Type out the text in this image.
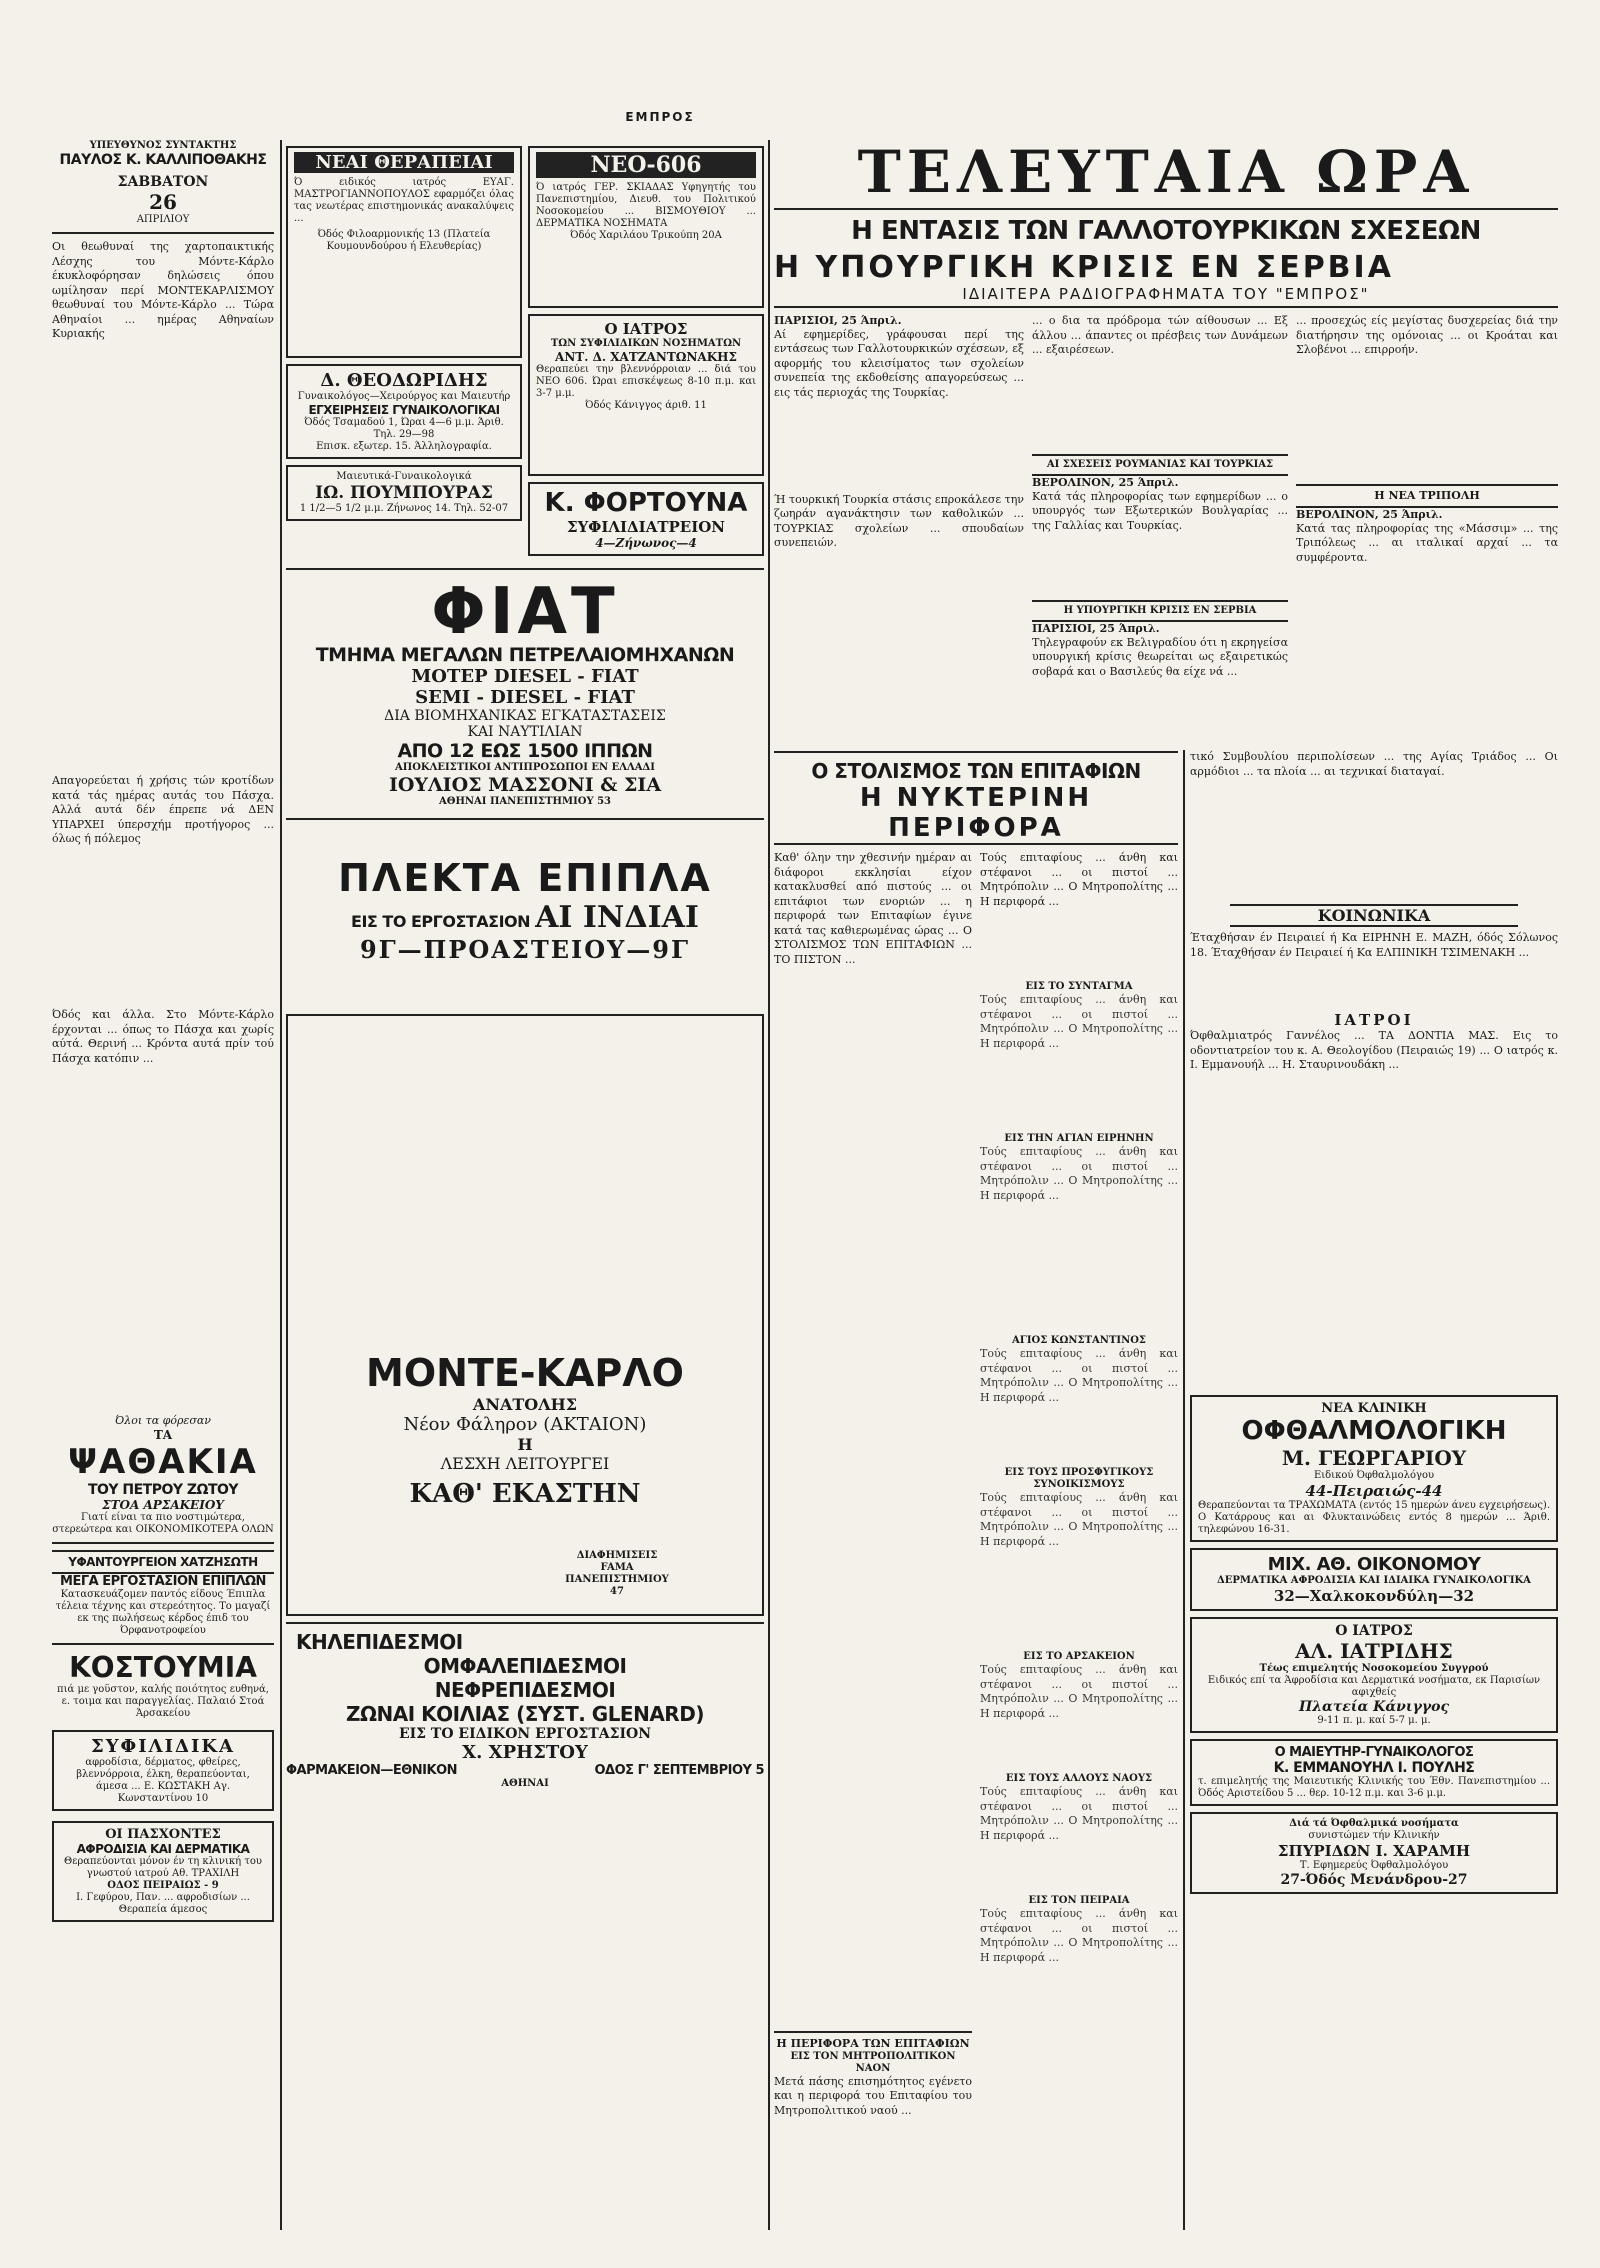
ΕΜΠΡΟΣ
ΥΠΕΥΘΥΝΟΣ ΣΥΝΤΑΚΤΗΣ
ΠΑΥΛΟΣ Κ. ΚΑΛΛΙΠΟΘΑΚΗΣ
ΣΑΒΒΑΤΟΝ
26
ΑΠΡΙΛΙΟΥ
Οι θεωθυναί της χαρτοπαικτικής Λέσχης του Μόντε-Κάρλο έκυκλοφόρησαν δηλώσεις όπου ωμίλησαν περί ΜΟΝΤΕΚΑΡΛΙΣΜΟΥ θεωθυναί του Μόντε-Κάρλο ... Τώρα Αθηναίοι ... ημέρας Αθηναίων Κυριακής
Απαγορεύεται ή χρήσις τών κροτίδων κατά τάς ημέρας αυτάς του Πάσχα. Αλλά αυτά δέν έπρεπε νά ΔΕΝ ΥΠΑΡΧΕΙ ύπερσχήμ προτήγορος ... όλως ή πόλεμος
Όδός και άλλα. Στο Μόντε-Κάρλο έρχονται ... όπως το Πάσχα και χωρίς αύτά. Θερινή ... Κρόντα αυτά πρίν τού Πάσχα κατόπιν ...
Όλοι τα φόρεσαν
ΤΑ
ΨΑΘΑΚΙΑ
ΤΟΥ ΠΕΤΡΟΥ ΖΩΤΟΥ
ΣΤΟΑ ΑΡΣΑΚΕΙΟΥ
Γιατί είναι τα πιο νοστιμώτερα, στερεώτερα και ΟΙΚΟΝΟΜΙΚΟΤΕΡΑ ΟΛΩΝ
ΥΦΑΝΤΟΥΡΓΕΙΟΝ ΧΑΤΖΗΣΩΤΗ
ΜΕΓΑ ΕΡΓΟΣΤΑΣΙΟΝ ΕΠΙΠΛΩΝ
Κατασκευάζομεν παντός είδους Έπιπλα τέλεια τέχνης και στερεότητος. Το μαγαζί εκ της πωλήσεως κέρδος έπιδ του Όρφανοτροφείου
ΚΟΣΤΟΥΜΙΑ
πιά με γοϋστον, καλής ποιότητος ευθηνά, ε. τοιμα και παραγγελίας. Παλαιό Στοά Άρσακείου
ΣΥΦΙΛΙΔΙΚΑ
αφροδίσια, δέρματος, φθείρες, βλεννόρροια, έλκη, θεραπεύονται, άμεσα ... Ε. ΚΩΣΤΑΚΗ Αγ. Κωνσταντίνου 10
ΟΙ ΠΑΣΧΟΝΤΕΣ
ΑΦΡΟΔΙΣΙΑ ΚΑΙ ΔΕΡΜΑΤΙΚΑ
Θεραπεύονται μόνον έν τη κλινική του γνωστού ιατρού Αθ. ΤΡΑΧΙΛΗ
ΟΔΟΣ ΠΕΙΡΑΙΩΣ - 9
Ι. Γεφύρου, Παν. ... αφροδισίων ... Θεραπεία άμεσος
ΝΕΑΙ ΘΕΡΑΠΕΙΑΙ
Ό ειδικός ιατρός ΕΥΑΓ. ΜΑΣΤΡΟΓΙΑΝΝΟΠΟΥΛΟΣ εφαρμόζει όλας τας νεωτέρας επιστημονικάς ανακαλύψεις ...
Όδός Φιλοαρμονικής 13 (Πλατεία Κουμουνδούρου ή Ελευθερίας)
Δ. ΘΕΟΔΩΡΙΔΗΣ
Γυναικολόγος—Χειρούργος και Μαιευτήρ
ΕΓΧΕΙΡΗΣΕΙΣ ΓΥΝΑΙΚΟΛΟΓΙΚΑΙ
Όδός Τσαμαδού 1, Ώραι 4—6 μ.μ. Άριθ. Τηλ. 29—98
Επισκ. εξωτερ. 15. Άλληλογραφία.
Μαιευτικά-Γυναικολογικά
ΙΩ. ΠΟΥΜΠΟΥΡΑΣ
1 1/2—5 1/2 μ.μ. Ζήνωνος 14. Τηλ. 52-07
ΝΕΟ-606
Ό ιατρός ΓΕΡ. ΣΚΙΑΔΑΣ Υφηγητής του Πανεπιστημίου, Διευθ. του Πολιτικού Νοσοκομείου ... ΒΙΣΜΟΥΘΙΟΥ ... ΔΕΡΜΑΤΙΚΑ ΝΟΣΗΜΑΤΑ
Όδός Χαριλάου Τρικούπη 20Α
Ο ΙΑΤΡΟΣ
ΤΩΝ ΣΥΦΙΛΙΔΙΚΩΝ ΝΟΣΗΜΑΤΩΝ
ΑΝΤ. Δ. ΧΑΤΖΑΝΤΩΝΑΚΗΣ
Θεραπεύει την βλεννόρροιαν ... διά του ΝΕΟ 606. Ώραι επισκέψεως 8-10 π.μ. και 3-7 μ.μ.
Όδός Κάνιγγος άριθ. 11
Κ. ΦΟΡΤΟΥΝΑ
ΣΥΦΙΛΙΔΙΑΤΡΕΙΟΝ
4—Ζήνωνος—4
ΦΙΑΤ
ΤΜΗΜΑ ΜΕΓΑΛΩΝ ΠΕΤΡΕΛΑΙΟΜΗΧΑΝΩΝ
ΜΟΤΕΡ DIESEL - FIAT
SEMI - DIESEL - FIAT
ΔΙΑ ΒΙΟΜΗΧΑΝΙΚΑΣ ΕΓΚΑΤΑΣΤΑΣΕΙΣ
ΚΑΙ ΝΑΥΤΙΛΙΑΝ
ΑΠΟ 12 ΕΩΣ 1500 ΙΠΠΩΝ
ΑΠΟΚΛΕΙΣΤΙΚΟΙ ΑΝΤΙΠΡΟΣΩΠΟΙ ΕΝ ΕΛΛΑΔΙ
ΙΟΥΛΙΟΣ ΜΑΣΣΟΝΙ & ΣΙΑ
ΑΘΗΝΑΙ ΠΑΝΕΠΙΣΤΗΜΙΟΥ 53
ΠΛΕΚΤΑ ΕΠΙΠΛΑ
ΕΙΣ ΤΟ ΕΡΓΟΣΤΑΣΙΟΝ ΑΙ ΙΝΔΙΑΙ
9Γ—ΠΡΟΑΣΤΕΙΟΥ—9Γ
ΜΟΝΤΕ-ΚΑΡΛΟ
ΑΝΑΤΟΛΗΣ
Νέον Φάληρον (ΑΚΤΑΙΟΝ)
Η
ΛΕΣΧΗ ΛΕΙΤΟΥΡΓΕΙ
ΚΑΘ' ΕΚΑΣΤΗΝ
ΔΙΑΦΗΜΙΣΕΙΣ FAMA ΠΑΝΕΠΙΣΤΗΜΙΟΥ 47
ΚΗΛΕΠΙΔΕΣΜΟΙ
ΟΜΦΑΛΕΠΙΔΕΣΜΟΙ
ΝΕΦΡΕΠΙΔΕΣΜΟΙ
ΖΩΝΑΙ ΚΟΙΛΙΑΣ (ΣΥΣΤ. GLENARD)
ΕΙΣ ΤΟ ΕΙΔΙΚΟΝ ΕΡΓΟΣΤΑΣΙΟΝ
Χ. ΧΡΗΣΤΟΥ
ΦΑΡΜΑΚΕΙΟΝ—ΕΘΝΙΚΟΝ	ΟΔΟΣ Γ' ΣΕΠΤΕΜΒΡΙΟΥ 5
ΑΘΗΝΑΙ
ΤΕΛΕΥΤΑΙΑ ΩΡΑ
Η ΕΝΤΑΣΙΣ ΤΩΝ ΓΑΛΛΟΤΟΥΡΚΙΚΩΝ ΣΧΕΣΕΩΝ
Η ΥΠΟΥΡΓΙΚΗ ΚΡΙΣΙΣ ΕΝ ΣΕΡΒΙΑ
ΙΔΙΑΙΤΕΡΑ ΡΑΔΙΟΓΡΑΦΗΜΑΤΑ ΤΟΥ "ΕΜΠΡΟΣ"
ΠΑΡΙΣΙΟΙ, 25 Άπριλ.
Αί εφημερίδες, γράφουσαι περί της εντάσεως των Γαλλοτουρκικών σχέσεων, εξ αφορμής του κλεισίματος των σχολείων συνεπεία της εκδοθείσης απαγορεύσεως ... εις τάς περιοχάς της Τουρκίας.
Ή τουρκική Τουρκία στάσις επροκάλεσε την ζωηράν αγανάκτησιν των καθολικών ... ΤΟΥΡΚΙΑΣ σχολείων ... σπουδαίων συνεπειών.
... ο δια τα πρόδρομα τών αίθουσων ... Εξ άλλου ... άπαντες οι πρέσβεις των Δυνάμεων ... εξαιρέσεων.
ΑΙ ΣΧΕΣΕΙΣ ΡΟΥΜΑΝΙΑΣ ΚΑΙ ΤΟΥΡΚΙΑΣ
ΒΕΡΟΛΙΝΟΝ, 25 Άπριλ.
Κατά τάς πληροφορίας των εφημερίδων ... ο υπουργός των Εξωτερικών Βουλγαρίας ... της Γαλλίας και Τουρκίας.
Η ΥΠΟΥΡΓΙΚΗ ΚΡΙΣΙΣ ΕΝ ΣΕΡΒΙΑ
ΠΑΡΙΣΙΟΙ, 25 Άπριλ.
Τηλεγραφούν εκ Βελιγραδίου ότι η εκρηγείσα υπουργική κρίσις θεωρείται ως εξαιρετικώς σοβαρά και ο Βασιλεύς θα είχε νά ...
... προσεχώς είς μεγίστας δυσχερείας διά την διατήρησιν της ομόνοιας ... οι Κροάται και Σλοβένοι ... επιρροήν.
Η ΝΕΑ ΤΡΙΠΟΛΗ
ΒΕΡΟΛΙΝΟΝ, 25 Άπριλ.
Κατά τας πληροφορίας της «Μάσσιμ» ... της Τριπόλεως ... αι ιταλικαί αρχαί ... τα συμφέροντα.
Ο ΣΤΟΛΙΣΜΟΣ ΤΩΝ ΕΠΙΤΑΦΙΩΝ
Η ΝΥΚΤΕΡΙΝΗ ΠΕΡΙΦΟΡΑ
Καθ' όλην την χθεσινήν ημέραν αι διάφοροι εκκλησίαι είχον κατακλυσθεί από πιστούς ... οι επιτάφιοι των ενοριών ... η περιφορά των Επιταφίων έγινε κατά τας καθιερωμένας ώρας ... Ο ΣΤΟΛΙΣΜΟΣ ΤΩΝ ΕΠΙΤΑΦΙΩΝ ... ΤΟ ΠΙΣΤΟΝ ...
Η ΠΕΡΙΦΟΡΑ ΤΩΝ ΕΠΙΤΑΦΙΩΝ
ΕΙΣ ΤΟΝ ΜΗΤΡΟΠΟΛΙΤΙΚΟΝ ΝΑΟΝ
Μετά πάσης επισημότητος εγένετο και η περιφορά του Επιταφίου του Μητροπολιτικού ναού ...
Τούς επιταφίους ... άνθη και στέφανοι ... οι πιστοί ... Μητρόπολιν ... Ο Μητροπολίτης ... Η περιφορά ...
ΕΙΣ ΤΟ ΣΥΝΤΑΓΜΑ
Τούς επιταφίους ... άνθη και στέφανοι ... οι πιστοί ... Μητρόπολιν ... Ο Μητροπολίτης ... Η περιφορά ...
ΕΙΣ ΤΗΝ ΑΓΙΑΝ ΕΙΡΗΝΗΝ
Τούς επιταφίους ... άνθη και στέφανοι ... οι πιστοί ... Μητρόπολιν ... Ο Μητροπολίτης ... Η περιφορά ...
ΑΓΙΟΣ ΚΩΝΣΤΑΝΤΙΝΟΣ
Τούς επιταφίους ... άνθη και στέφανοι ... οι πιστοί ... Μητρόπολιν ... Ο Μητροπολίτης ... Η περιφορά ...
ΕΙΣ ΤΟΥΣ ΠΡΟΣΦΥΓΙΚΟΥΣ ΣΥΝΟΙΚΙΣΜΟΥΣ
Τούς επιταφίους ... άνθη και στέφανοι ... οι πιστοί ... Μητρόπολιν ... Ο Μητροπολίτης ... Η περιφορά ...
ΕΙΣ ΤΟ ΑΡΣΑΚΕΙΟΝ
Τούς επιταφίους ... άνθη και στέφανοι ... οι πιστοί ... Μητρόπολιν ... Ο Μητροπολίτης ... Η περιφορά ...
ΕΙΣ ΤΟΥΣ ΑΛΛΟΥΣ ΝΑΟΥΣ
Τούς επιταφίους ... άνθη και στέφανοι ... οι πιστοί ... Μητρόπολιν ... Ο Μητροπολίτης ... Η περιφορά ...
ΕΙΣ ΤΟΝ ΠΕΙΡΑΙΑ
Τούς επιταφίους ... άνθη και στέφανοι ... οι πιστοί ... Μητρόπολιν ... Ο Μητροπολίτης ... Η περιφορά ...
τικό Συμβουλίου περιπολίσεων ... της Αγίας Τριάδος ... Οι αρμόδιοι ... τα πλοία ... αι τεχνικαί διαταγαί.
ΚΟΙΝΩΝΙΚΑ
Έταχθήσαν έν Πειραιεί ή Κα ΕΙΡΗΝΗ Ε. ΜΑΖΗ, όδός Σόλωνος 18. Έταχθήσαν έν Πειραιεί ή Κα ΕΛΠΙΝΙΚΗ ΤΣΙΜΕΝΑΚΗ ...
ΙΑΤΡΟΙ
Όφθαλμιατρός Γαννέλος ... ΤΑ ΔΟΝΤΙΑ ΜΑΣ. Εις το οδοντιατρείον του κ. Α. Θεολογίδου (Πειραιώς 19) ... Ο ιατρός κ. Ι. Εμμανουήλ ... Η. Σταυρινουδάκη ...
ΝΕΑ ΚΛΙΝΙΚΗ
ΟΦΘΑΛΜΟΛΟΓΙΚΗ
Μ. ΓΕΩΡΓΑΡΙΟΥ
Ειδικού Όφθαλμολόγου
44-Πειραιώς-44
Θεραπεύονται τα ΤΡΑΧΩΜΑΤΑ (εντός 15 ημερών άνευ εγχειρήσεως). Ο Κατάρρους και αι Φλυκταινώδεις εντός 8 ημερών ... Άριθ. τηλεφώνου 16-31.
ΜΙΧ. ΑΘ. ΟΙΚΟΝΟΜΟΥ
ΔΕΡΜΑΤΙΚΑ ΑΦΡΟΔΙΣΙΑ ΚΑΙ ΙΔΙΑΙΚΑ ΓΥΝΑΙΚΟΛΟΓΙΚΑ
32—Χαλκοκονδύλη—32
Ο ΙΑΤΡΟΣ
ΑΛ. ΙΑΤΡΙΔΗΣ
Τέως επιμελητής Νοσοκομείου Συγγρού
Ειδικός επί τα Άφροδίσια και Δερματικά νοσήματα, εκ Παρισίων αφιχθείς
Πλατεία Κάνιγγος
9-11 π. μ. καί 5-7 μ. μ.
Ο ΜΑΙΕΥΤΗΡ-ΓΥΝΑΙΚΟΛΟΓΟΣ
Κ. ΕΜΜΑΝΟΥΗΛ Ι. ΠΟΥΛΗΣ
τ. επιμελητής της Μαιευτικής Κλινικής του Έθν. Πανεπιστημίου ... Όδός Αριστείδου 5 ... θερ. 10-12 π.μ. και 3-6 μ.μ.
Διά τά Όφθαλμικά νοσήματα
συνιστώμεν τήν Κλινικήν
ΣΠΥΡΙΔΩΝ Ι. ΧΑΡΑΜΗ
Τ. Εφημερεύς Όφθαλμολόγου
27-Όδός Μενάνδρου-27
